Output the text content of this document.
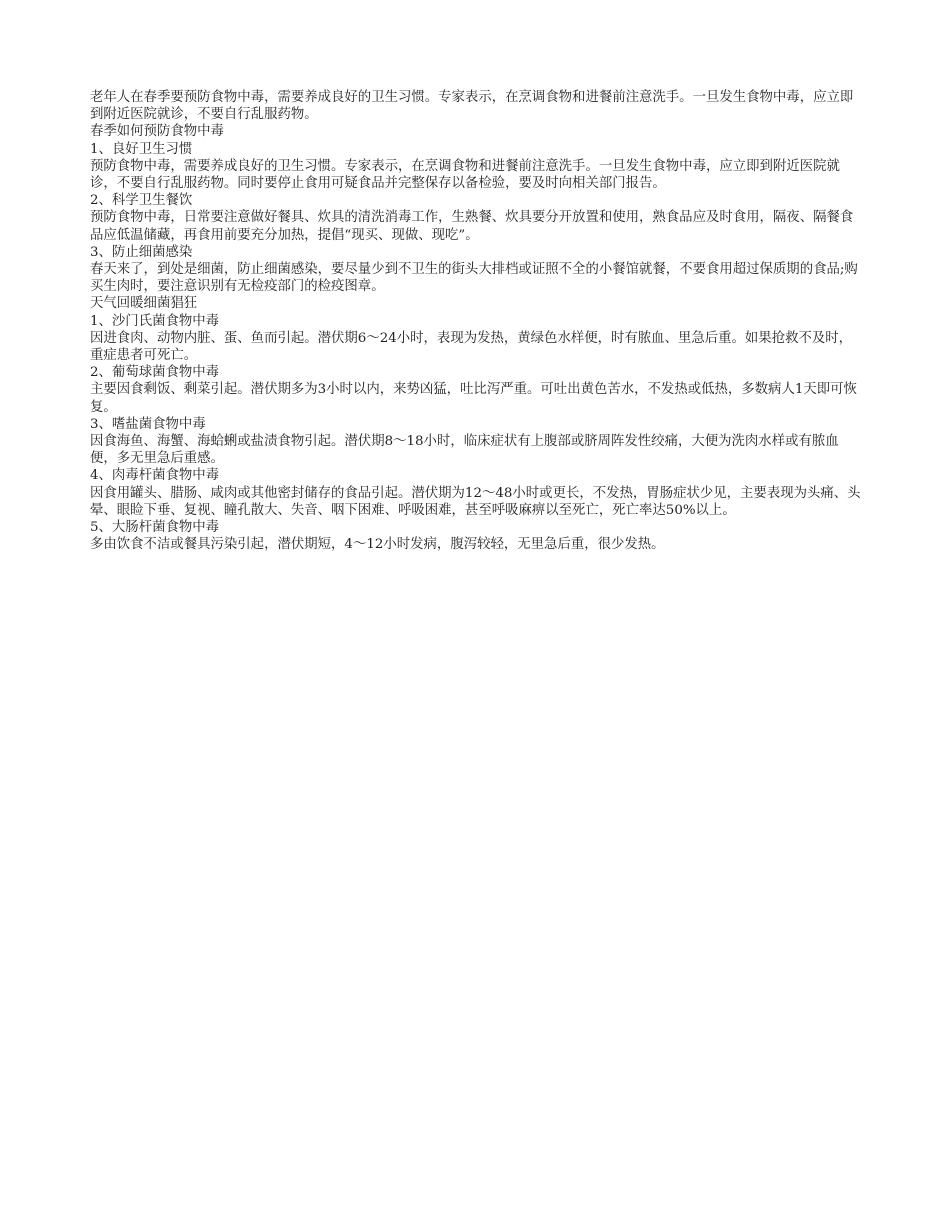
老年人在春季要预防食物中毒，需要养成良好的卫生习惯。专家表示，在烹调食物和进餐前注意洗手。一旦发生食物中毒，应立即到附近医院就诊，不要自行乱服药物。

春季如何预防食物中毒

1、良好卫生习惯

预防食物中毒，需要养成良好的卫生习惯。专家表示，在烹调食物和进餐前注意洗手。一旦发生食物中毒，应立即到附近医院就诊，不要自行乱服药物。同时要停止食用可疑食品并完整保存以备检验，要及时向相关部门报告。

2、科学卫生餐饮

预防食物中毒，日常要注意做好餐具、炊具的清洗消毒工作，生熟餐、炊具要分开放置和使用，熟食品应及时食用，隔夜、隔餐食品应低温储藏，再食用前要充分加热，提倡“现买、现做、现吃”。

3、防止细菌感染

春天来了，到处是细菌，防止细菌感染，要尽量少到不卫生的街头大排档或证照不全的小餐馆就餐，不要食用超过保质期的食品;购买生肉时，要注意识别有无检疫部门的检疫图章。

天气回暖细菌猖狂

1、沙门氏菌食物中毒

因进食肉、动物内脏、蛋、鱼而引起。潜伏期6～24小时，表现为发热，黄绿色水样便，时有脓血、里急后重。如果抢救不及时，重症患者可死亡。

2、葡萄球菌食物中毒

主要因食剩饭、剩菜引起。潜伏期多为3小时以内，来势凶猛，吐比泻严重。可吐出黄色苦水，不发热或低热，多数病人1天即可恢复。

3、嗜盐菌食物中毒

因食海鱼、海蟹、海蛤蜊或盐渍食物引起。潜伏期8～18小时，临床症状有上腹部或脐周阵发性绞痛，大便为洗肉水样或有脓血便，多无里急后重感。

4、肉毒杆菌食物中毒

因食用罐头、腊肠、咸肉或其他密封储存的食品引起。潜伏期为12～48小时或更长，不发热，胃肠症状少见，主要表现为头痛、头晕、眼睑下垂、复视、瞳孔散大、失音、咽下困难、呼吸困难，甚至呼吸麻痹以至死亡，死亡率达50%以上。

5、大肠杆菌食物中毒

多由饮食不洁或餐具污染引起，潜伏期短，4～12小时发病，腹泻较轻，无里急后重，很少发热。
